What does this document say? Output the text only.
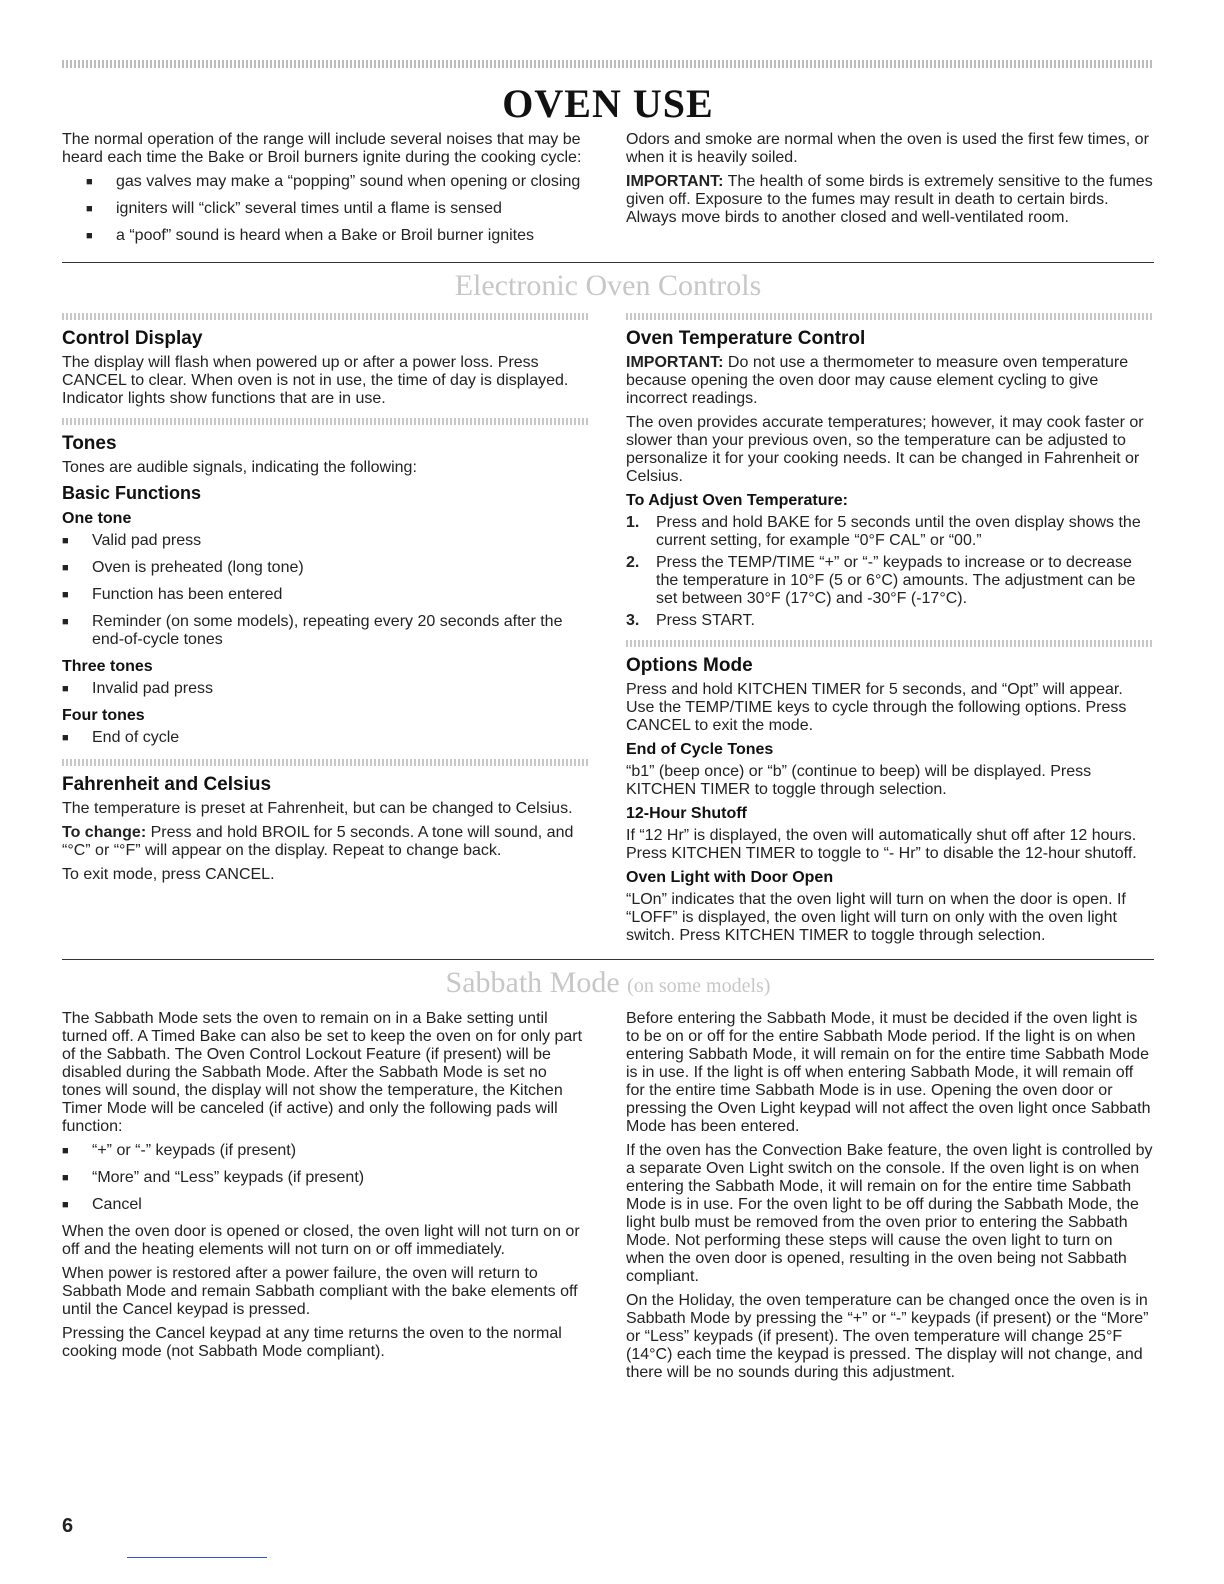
OVEN USE

The normal operation of the range will include several noises that may be heard each time the Bake or Broil burners ignite during the cooking cycle:

■ gas valves may make a “popping” sound when opening or closing
■ igniters will “click” several times until a flame is sensed
■ a “poof” sound is heard when a Bake or Broil burner ignites

Odors and smoke are normal when the oven is used the first few times, or when it is heavily soiled.

IMPORTANT: The health of some birds is extremely sensitive to the fumes given off. Exposure to the fumes may result in death to certain birds. Always move birds to another closed and well-ventilated room.

Electronic Oven Controls
Control Display

The display will flash when powered up or after a power loss. Press CANCEL to clear. When oven is not in use, the time of day is displayed. Indicator lights show functions that are in use.

Tones

Tones are audible signals, indicating the following:

Basic Functions
One tone
■ Valid pad press
■ Oven is preheated (long tone)
■ Function has been entered
■ Reminder (on some models), repeating every 20 seconds after the end-of-cycle tones
Three tones
■ Invalid pad press
Four tones
■ End of cycle
Fahrenheit and Celsius

The temperature is preset at Fahrenheit, but can be changed to Celsius.

To change: Press and hold BROIL for 5 seconds. A tone will sound, and “°C” or “°F” will appear on the display. Repeat to change back.

To exit mode, press CANCEL.

Oven Temperature Control

IMPORTANT: Do not use a thermometer to measure oven temperature because opening the oven door may cause element cycling to give incorrect readings.

The oven provides accurate temperatures; however, it may cook faster or slower than your previous oven, so the temperature can be adjusted to personalize it for your cooking needs. It can be changed in Fahrenheit or Celsius.

To Adjust Oven Temperature:
1. Press and hold BAKE for 5 seconds until the oven display shows the current setting, for example “0°F CAL” or “00.”
2. Press the TEMP/TIME “+” or “-” keypads to increase or to decrease the temperature in 10°F (5 or 6°C) amounts. The adjustment can be set between 30°F (17°C) and -30°F (-17°C).
3. Press START.
Options Mode

Press and hold KITCHEN TIMER for 5 seconds, and “Opt” will appear. Use the TEMP/TIME keys to cycle through the following options. Press CANCEL to exit the mode.

End of Cycle Tones

“b1” (beep once) or “b” (continue to beep) will be displayed. Press KITCHEN TIMER to toggle through selection.

12-Hour Shutoff

If “12 Hr” is displayed, the oven will automatically shut off after 12 hours. Press KITCHEN TIMER to toggle to “- Hr” to disable the 12-hour shutoff.

Oven Light with Door Open

“LOn” indicates that the oven light will turn on when the door is open. If “LOFF” is displayed, the oven light will turn on only with the oven light switch. Press KITCHEN TIMER to toggle through selection.

Sabbath Mode (on some models)

The Sabbath Mode sets the oven to remain on in a Bake setting until turned off. A Timed Bake can also be set to keep the oven on for only part of the Sabbath. The Oven Control Lockout Feature (if present) will be disabled during the Sabbath Mode. After the Sabbath Mode is set no tones will sound, the display will not show the temperature, the Kitchen Timer Mode will be canceled (if active) and only the following pads will function:

■ “+” or “-” keypads (if present)
■ “More” and “Less” keypads (if present)
■ Cancel

When the oven door is opened or closed, the oven light will not turn on or off and the heating elements will not turn on or off immediately.

When power is restored after a power failure, the oven will return to Sabbath Mode and remain Sabbath compliant with the bake elements off until the Cancel keypad is pressed.

Pressing the Cancel keypad at any time returns the oven to the normal cooking mode (not Sabbath Mode compliant).

Before entering the Sabbath Mode, it must be decided if the oven light is to be on or off for the entire Sabbath Mode period. If the light is on when entering Sabbath Mode, it will remain on for the entire time Sabbath Mode is in use. If the light is off when entering Sabbath Mode, it will remain off for the entire time Sabbath Mode is in use. Opening the oven door or pressing the Oven Light keypad will not affect the oven light once Sabbath Mode has been entered.

If the oven has the Convection Bake feature, the oven light is controlled by a separate Oven Light switch on the console. If the oven light is on when entering the Sabbath Mode, it will remain on for the entire time Sabbath Mode is in use. For the oven light to be off during the Sabbath Mode, the light bulb must be removed from the oven prior to entering the Sabbath Mode. Not performing these steps will cause the oven light to turn on when the oven door is opened, resulting in the oven being not Sabbath compliant.

On the Holiday, the oven temperature can be changed once the oven is in Sabbath Mode by pressing the “+” or “-” keypads (if present) or the “More” or “Less” keypads (if present). The oven temperature will change 25°F (14°C) each time the keypad is pressed. The display will not change, and there will be no sounds during this adjustment.

6
